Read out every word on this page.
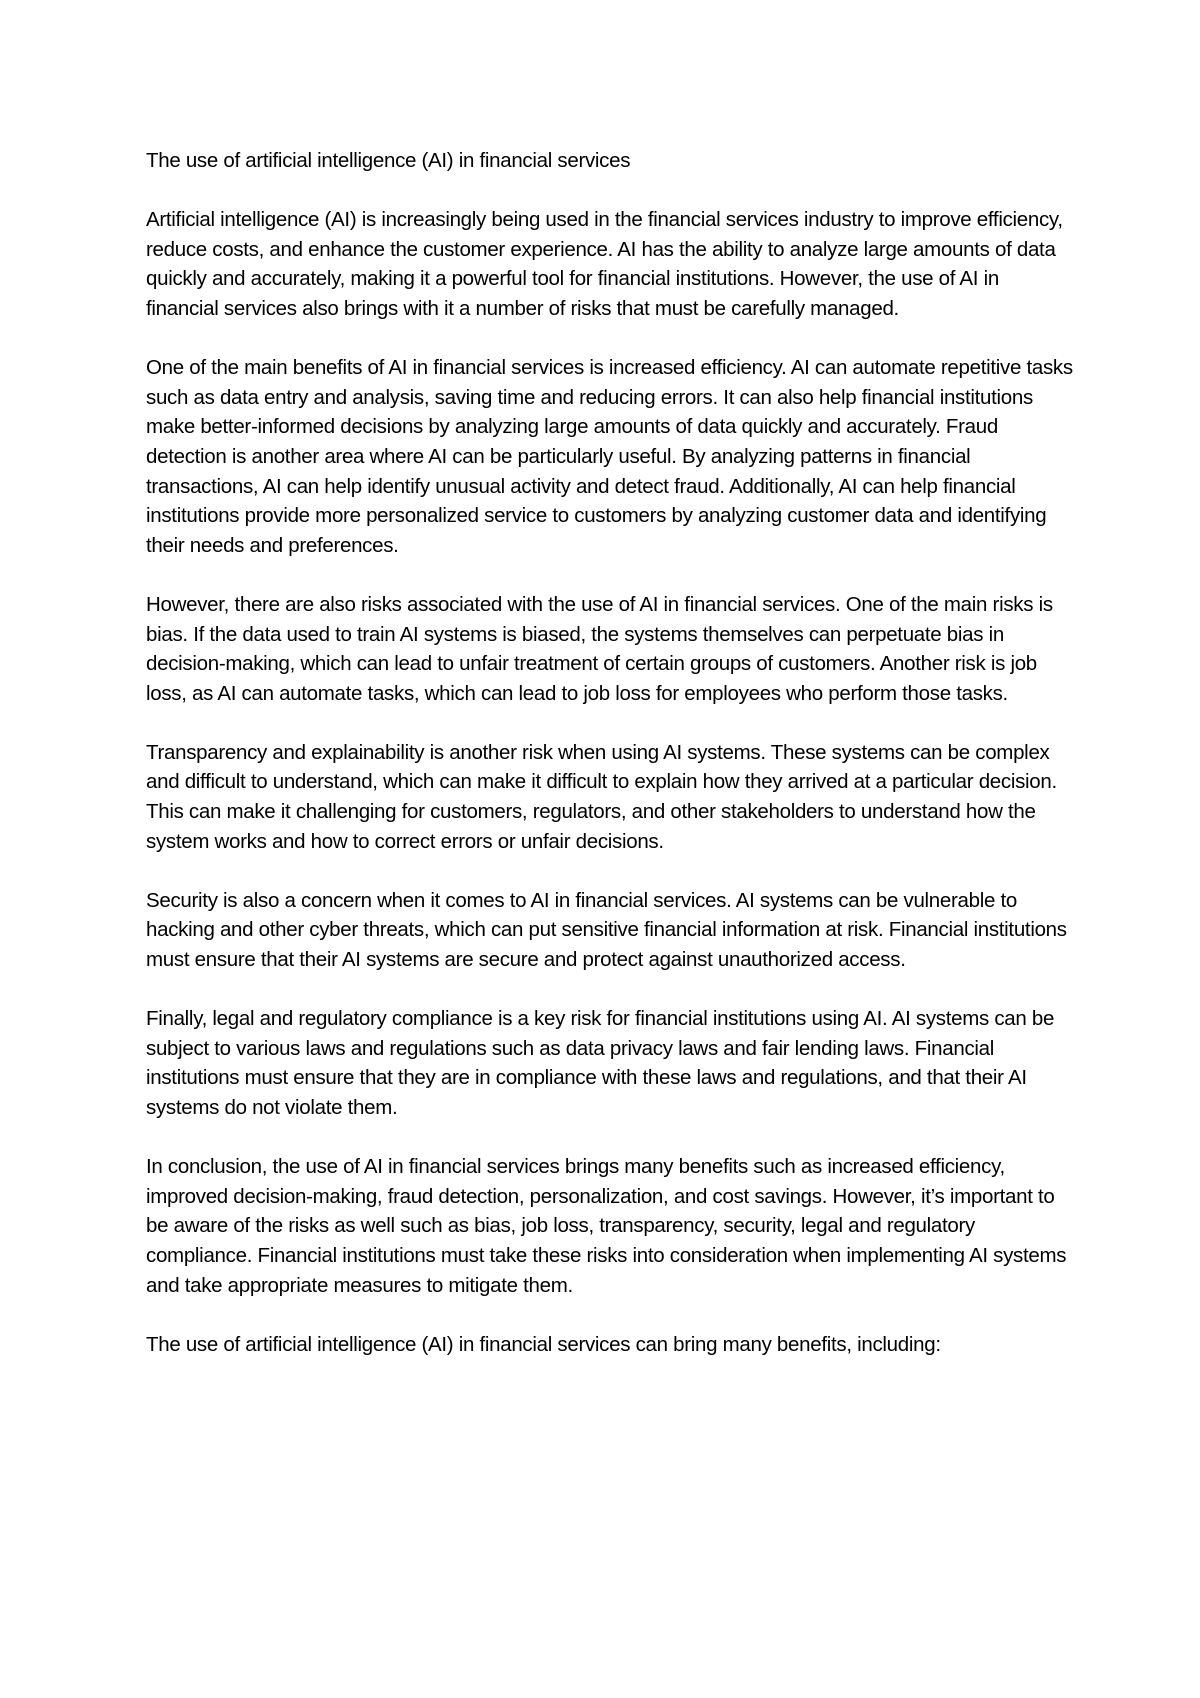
The use of artificial intelligence (AI) in financial services

Artificial intelligence (AI) is increasingly being used in the financial services industry to improve efficiency, reduce costs, and enhance the customer experience. AI has the ability to analyze large amounts of data quickly and accurately, making it a powerful tool for financial institutions. However, the use of AI in financial services also brings with it a number of risks that must be carefully managed.

One of the main benefits of AI in financial services is increased efficiency. AI can automate repetitive tasks such as data entry and analysis, saving time and reducing errors. It can also help financial institutions make better-informed decisions by analyzing large amounts of data quickly and accurately. Fraud detection is another area where AI can be particularly useful. By analyzing patterns in financial transactions, AI can help identify unusual activity and detect fraud. Additionally, AI can help financial institutions provide more personalized service to customers by analyzing customer data and identifying their needs and preferences.

However, there are also risks associated with the use of AI in financial services. One of the main risks is bias. If the data used to train AI systems is biased, the systems themselves can perpetuate bias in decision-making, which can lead to unfair treatment of certain groups of customers. Another risk is job loss, as AI can automate tasks, which can lead to job loss for employees who perform those tasks.

Transparency and explainability is another risk when using AI systems. These systems can be complex and difficult to understand, which can make it difficult to explain how they arrived at a particular decision. This can make it challenging for customers, regulators, and other stakeholders to understand how the system works and how to correct errors or unfair decisions.

Security is also a concern when it comes to AI in financial services. AI systems can be vulnerable to hacking and other cyber threats, which can put sensitive financial information at risk. Financial institutions must ensure that their AI systems are secure and protect against unauthorized access.

Finally, legal and regulatory compliance is a key risk for financial institutions using AI. AI systems can be subject to various laws and regulations such as data privacy laws and fair lending laws. Financial institutions must ensure that they are in compliance with these laws and regulations, and that their AI systems do not violate them.

In conclusion, the use of AI in financial services brings many benefits such as increased efficiency, improved decision-making, fraud detection, personalization, and cost savings. However, it’s important to be aware of the risks as well such as bias, job loss, transparency, security, legal and regulatory compliance. Financial institutions must take these risks into consideration when implementing AI systems and take appropriate measures to mitigate them.

The use of artificial intelligence (AI) in financial services can bring many benefits, including:
